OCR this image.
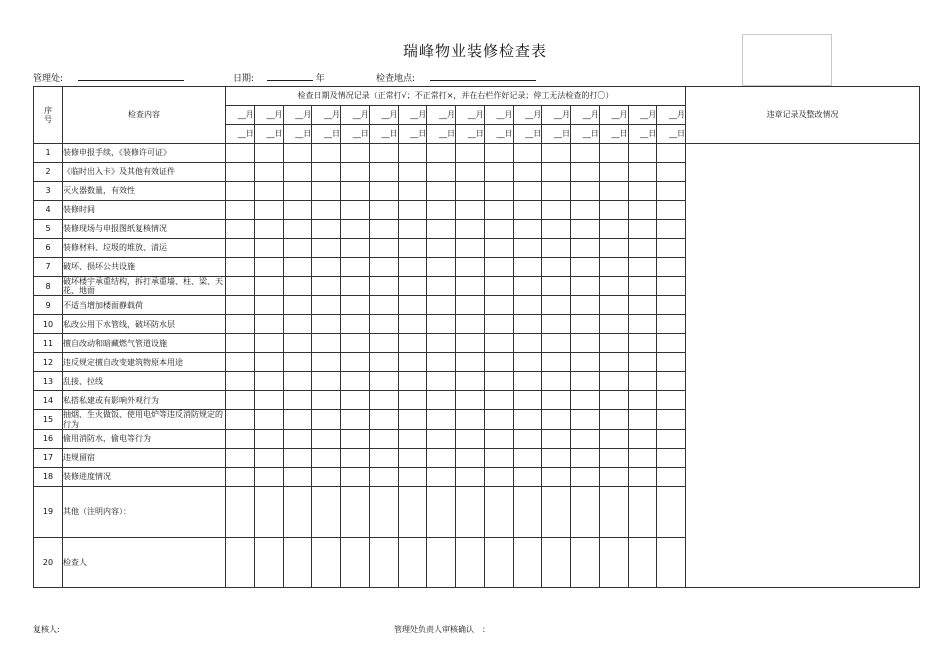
瑞峰物业装修检查表
管理处:	日期:	年	检查地点:
序号	检查内容	检查日期及情况记录（正常打√；不正常打×，并在右栏作好记录；停工无法检查的打〇）																违章记录及整改情况
		__月	__月	__月	__月	__月	__月	__月	__月	__月	__月	__月	__月	__月	__月	__月	__月	
		__日	__日	__日	__日	__日	__日	__日	__日	__日	__日	__日	__日	__日	__日	__日	__日	
1	装修申报手续，《装修许可证》																	
2	《临时出入卡》及其他有效证件																	
3	灭火器数量，有效性																	
4	装修时间																	
5	装修现场与申报图纸复核情况																	
6	装修材料、垃圾的堆放、清运																	
7	破坏、损坏公共设施																	
8	破坏楼宇承重结构，拆打承重墙、柱、梁、天花、地面																	
9	不适当增加楼面静载荷																	
10	私改公用下水管线，破坏防水层																	
11	擅自改动和暗藏燃气管道设施																	
12	违反规定擅自改变建筑物原本用途																	
13	乱接、拉线																	
14	私搭私建或有影响外观行为																	
15	抽烟、生火做饭、使用电炉等违反消防规定的行为																	
16	偷用消防水，偷电等行为																	
17	违规留宿																	
18	装修进度情况																	
19	其他（注明内容）：																	
20	检查人																	
复核人:	管理处负责人审核确认　：
